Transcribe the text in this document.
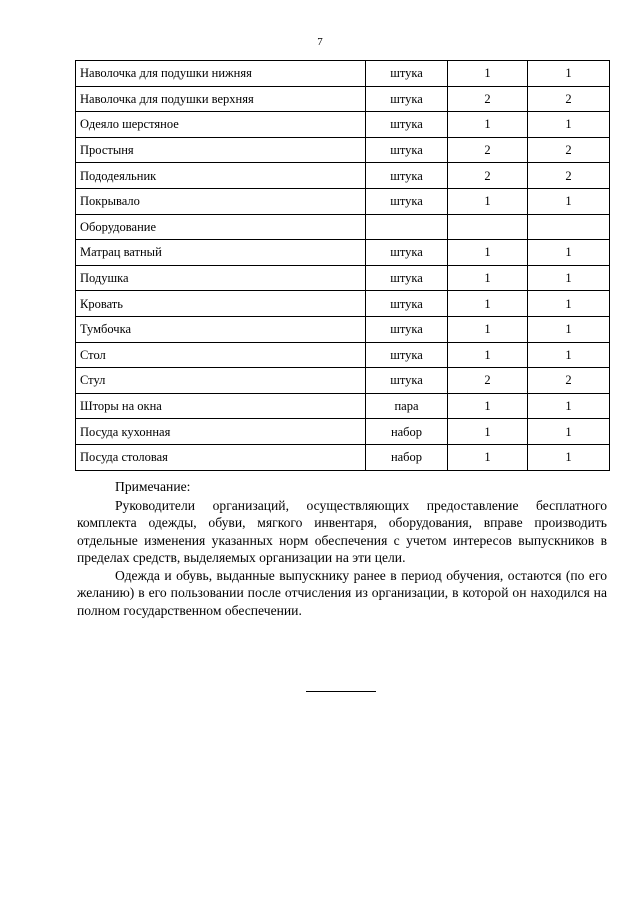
7
Наволочка для подушки нижняя	штука	1	1
Наволочка для подушки верхняя	штука	2	2
Одеяло шерстяное	штука	1	1
Простыня	штука	2	2
Пододеяльник	штука	2	2
Покрывало	штука	1	1
Оборудование			
Матрац ватный	штука	1	1
Подушка	штука	1	1
Кровать	штука	1	1
Тумбочка	штука	1	1
Стол	штука	1	1
Стул	штука	2	2
Шторы на окна	пара	1	1
Посуда кухонная	набор	1	1
Посуда столовая	набор	1	1
Примечание:

Руководители организаций, осуществляющих предоставление бесплатного комплекта одежды, обуви, мягкого инвентаря, оборудования, вправе производить отдельные изменения указанных норм обеспечения с учетом интересов выпускников в пределах средств, выделяемых организации на эти цели.

Одежда и обувь, выданные выпускнику ранее в период обучения, остаются (по его желанию) в его пользовании после отчисления из организации, в которой он находился на полном государственном обеспечении.
